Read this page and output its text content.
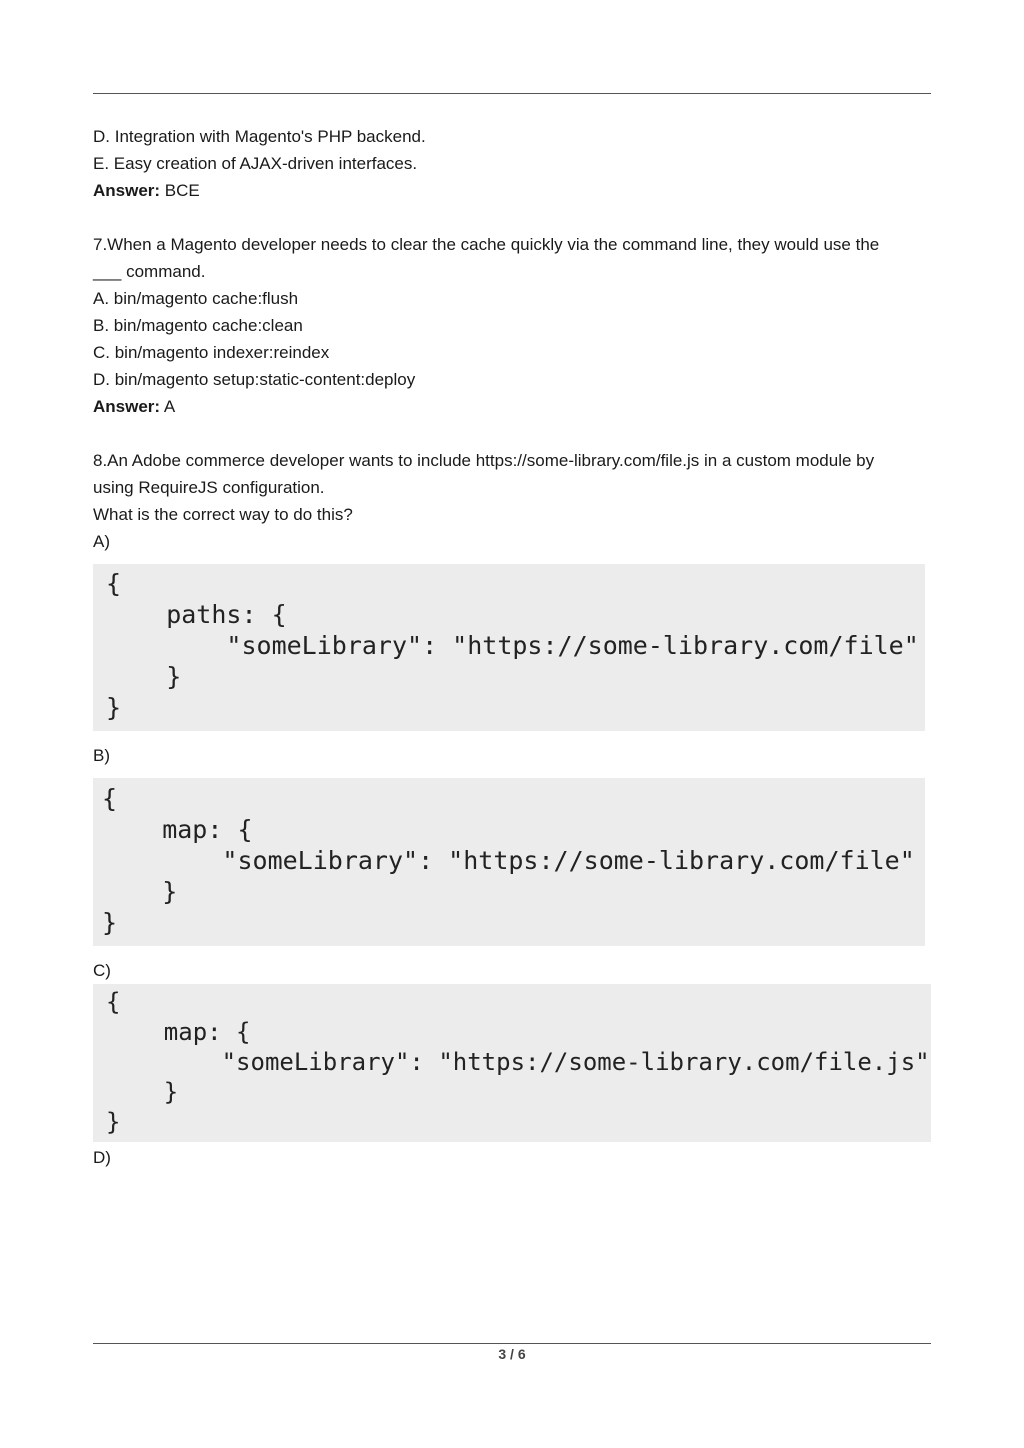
D. Integration with Magento's PHP backend.
E. Easy creation of AJAX-driven interfaces.
Answer: BCE
7.When a Magento developer needs to clear the cache quickly via the command line, they would use the
___ command.
A. bin/magento cache:flush
B. bin/magento cache:clean
C. bin/magento indexer:reindex
D. bin/magento setup:static-content:deploy
Answer: A
8.An Adobe commerce developer wants to include https://some-library.com/file.js in a custom module by
using RequireJS configuration.
What is the correct way to do this?
A)
{
paths: {
"someLibrary": "https://some-library.com/file"
}
}
B)
{
map: {
"someLibrary": "https://some-library.com/file"
}
}
C)
{
map: {
"someLibrary": "https://some-library.com/file.js"
}
}
D)
3 / 6
